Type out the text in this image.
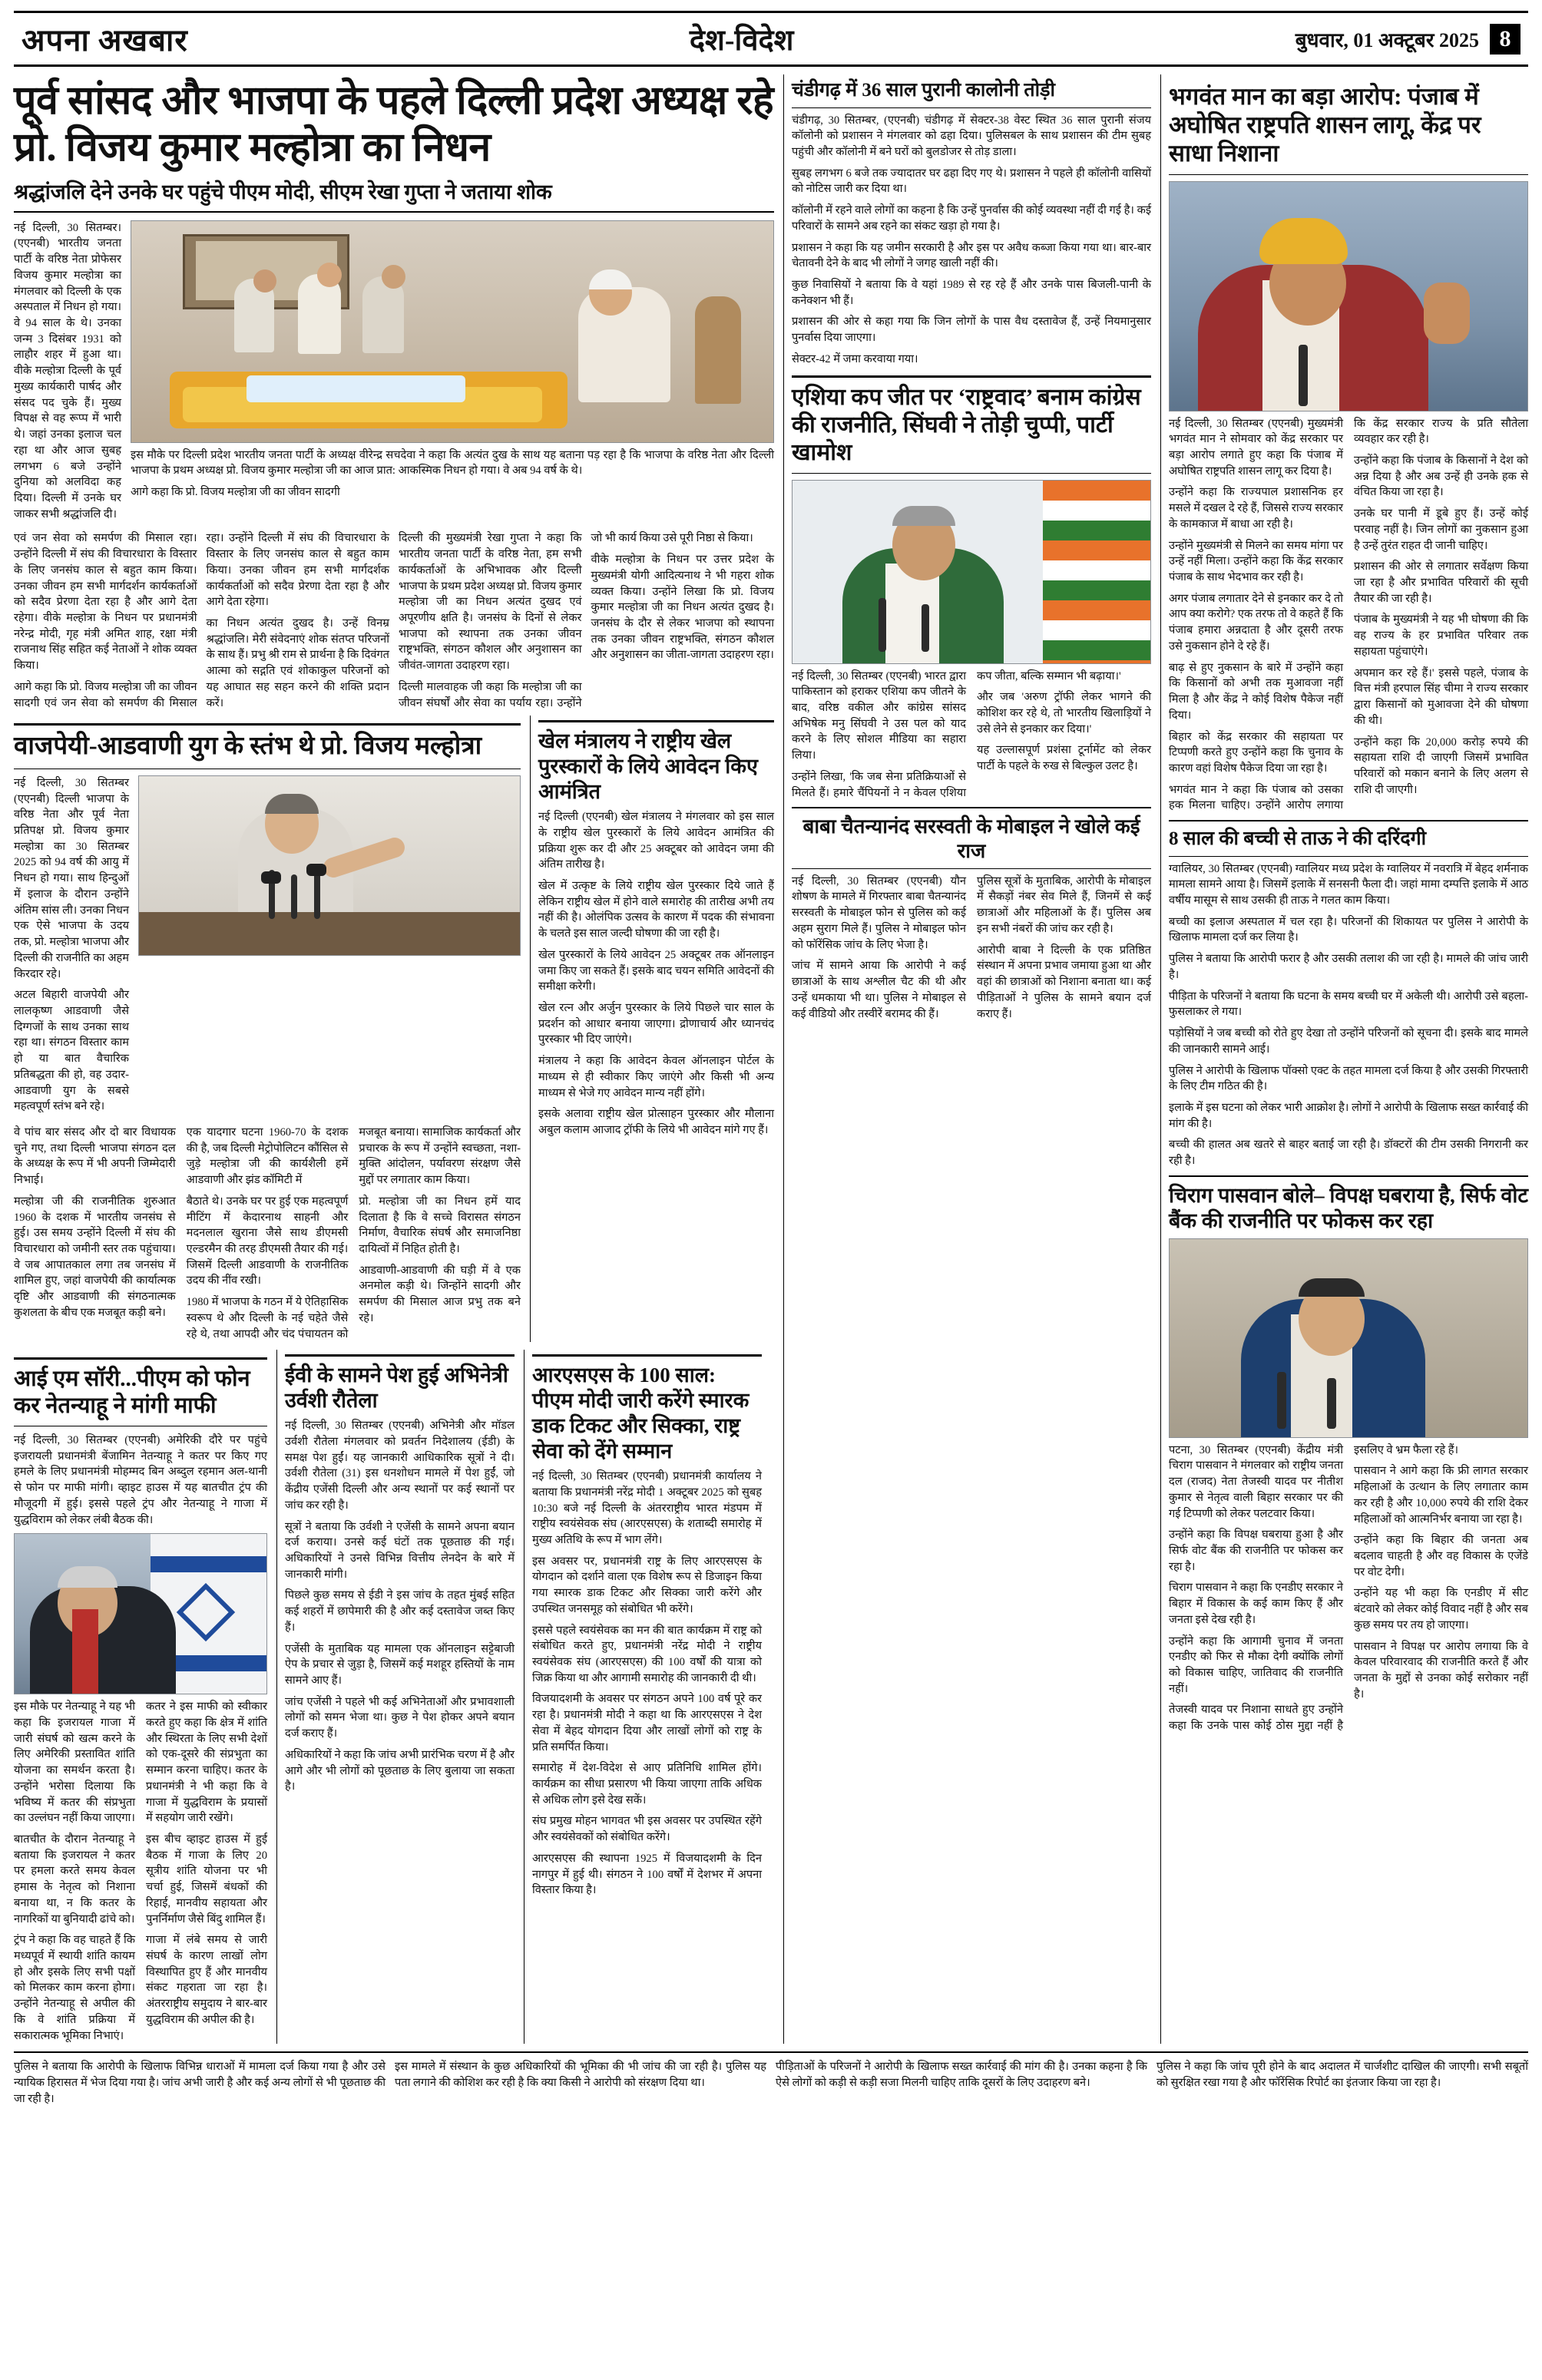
अपना अखबार	देश-विदेश	बुधवार, 01 अक्टूबर 2025 8
पूर्व सांसद और भाजपा के पहले दिल्ली प्रदेश अध्यक्ष रहे प्रो. विजय कुमार मल्होत्रा का निधन
श्रद्धांजलि देने उनके घर पहुंचे पीएम मोदी, सीएम रेखा गुप्ता ने जताया शोक

नई दिल्ली, 30 सितम्बर। (एएनबी) भारतीय जनता पार्टी के वरिष्ठ नेता प्रोफेसर विजय कुमार मल्होत्रा का मंगलवार को दिल्ली के एक अस्पताल में निधन हो गया। वे 94 साल के थे। उनका जन्म 3 दिसंबर 1931 को लाहौर शहर में हुआ था। वीके मल्होत्रा दिल्ली के पूर्व मुख्य कार्यकारी पार्षद और संसद पद चुके हैं। मुख्य विपक्ष से वह रूप्प में भारी थे। जहां उनका इलाज चल रहा था और आज सुबह लगभग 6 बजे उन्होंने दुनिया को अलविदा कह दिया। दिल्ली में उनके घर जाकर सभी श्रद्धांजलि दी।

इस मौके पर दिल्ली प्रदेश भारतीय जनता पार्टी के अध्यक्ष वीरेन्द्र सचदेवा ने कहा कि अत्यंत दुख के साथ यह बताना पड़ रहा है कि भाजपा के वरिष्ठ नेता और दिल्ली भाजपा के प्रथम अध्यक्ष प्रो. विजय कुमार मल्होत्रा जी का आज प्रात: आकस्मिक निधन हो गया। वे अब 94 वर्ष के थे।

आगे कहा कि प्रो. विजय मल्होत्रा जी का जीवन सादगी

एवं जन सेवा को समर्पण की मिसाल रहा। उन्होंने दिल्ली में संघ की विचारधारा के विस्तार के लिए जनसंघ काल से बहुत काम किया। उनका जीवन हम सभी मार्गदर्शन कार्यकर्ताओं को सदैव प्रेरणा देता रहा है और आगे देता रहेगा। वीके मल्होत्रा के निधन पर प्रधानमंत्री नरेन्द्र मोदी, गृह मंत्री अमित शाह, रक्षा मंत्री राजनाथ सिंह सहित कई नेताओं ने शोक व्यक्त किया।

आगे कहा कि प्रो. विजय मल्होत्रा जी का जीवन सादगी एवं जन सेवा को समर्पण की मिसाल रहा। उन्होंने दिल्ली में संघ की विचारधारा के विस्तार के लिए जनसंघ काल से बहुत काम किया। उनका जीवन हम सभी मार्गदर्शक कार्यकर्ताओं को सदैव प्रेरणा देता रहा है और आगे देता रहेगा।

का निधन अत्यंत दुखद है। उन्हें विनम्र श्रद्धांजलि। मेरी संवेदनाएं शोक संतप्त परिजनों के साथ हैं। प्रभु श्री राम से प्रार्थना है कि दिवंगत आत्मा को सद्गति एवं शोकाकुल परिजनों को यह आघात सह सहन करने की शक्ति प्रदान करें।

दिल्ली की मुख्यमंत्री रेखा गुप्ता ने कहा कि भारतीय जनता पार्टी के वरिष्ठ नेता, हम सभी कार्यकर्ताओं के अभिभावक और दिल्ली भाजपा के प्रथम प्रदेश अध्यक्ष प्रो. विजय कुमार मल्होत्रा जी का निधन अत्यंत दुखद एवं अपूरणीय क्षति है। जनसंघ के दिनों से लेकर भाजपा को स्थापना तक उनका जीवन राष्ट्रभक्ति, संगठन कौशल और अनुशासन का जीवंत-जागता उदाहरण रहा।

दिल्ली मालवाहक जी कहा कि मल्होत्रा जी का जीवन संघर्षों और सेवा का पर्याय रहा। उन्होंने जो भी कार्य किया उसे पूरी निष्ठा से किया।

वीके मल्होत्रा के निधन पर उत्तर प्रदेश के मुख्यमंत्री योगी आदित्यनाथ ने भी गहरा शोक व्यक्त किया। उन्होंने लिखा कि प्रो. विजय कुमार मल्होत्रा जी का निधन अत्यंत दुखद है। जनसंघ के दौर से लेकर भाजपा को स्थापना तक उनका जीवन राष्ट्रभक्ति, संगठन कौशल और अनुशासन का जीता-जागता उदाहरण रहा।

वाजपेयी-आडवाणी युग के स्तंभ थे प्रो. विजय मल्होत्रा

नई दिल्ली, 30 सितम्बर (एएनबी) दिल्ली भाजपा के वरिष्ठ नेता और पूर्व नेता प्रतिपक्ष प्रो. विजय कुमार मल्होत्रा का 30 सितम्बर 2025 को 94 वर्ष की आयु में निधन हो गया। साथ हिन्दुओं में इलाज के दौरान उन्होंने अंतिम सांस ली। उनका निधन एक ऐसे भाजपा के उदय तक, प्रो. मल्होत्रा भाजपा और दिल्ली की राजनीति का अहम किरदार रहे।

अटल बिहारी वाजपेयी और लालकृष्ण आडवाणी जैसे दिग्गजों के साथ उनका साथ रहा था। संगठन विस्तार काम हो या बात वैचारिक प्रतिबद्धता की हो, वह उदार-आडवाणी युग के सबसे महत्वपूर्ण स्तंभ बने रहे।

वे पांच बार संसद और दो बार विधायक चुने गए, तथा दिल्ली भाजपा संगठन दल के अध्यक्ष के रूप में भी अपनी जिम्मेदारी निभाई।

मल्होत्रा जी की राजनीतिक शुरुआत 1960 के दशक में भारतीय जनसंघ से हुई। उस समय उन्होंने दिल्ली में संघ की विचारधारा को जमीनी स्तर तक पहुंचाया। वे जब आपातकाल लगा तब जनसंघ में शामिल हुए, जहां वाजपेयी की कार्यात्मक दृष्टि और आडवाणी की संगठनात्मक कुशलता के बीच एक मजबूत कड़ी बने।

एक यादगार घटना 1960-70 के दशक की है, जब दिल्ली मेट्रोपोलिटन कौंसिल से जुड़े मल्होत्रा जी की कार्यशैली हमें आडवाणी और झंड कॉमिटी में

बैठाते थे। उनके घर पर हुई एक महत्वपूर्ण मीटिंग में केदारनाथ साहनी और मदनलाल खुराना जैसे साथ डीएमसी एल्डरमैन की तरह डीएमसी तैयार की गई। जिसमें दिल्ली आडवाणी के राजनीतिक उदय की नींव रखी।

1980 में भाजपा के गठन में ये ऐतिहासिक स्वरूप थे और दिल्ली के नई चहेते जैसे रहे थे, तथा आपदी और चंद पंचायतन को मजबूत बनाया। सामाजिक कार्यकर्ता और प्रचारक के रूप में उन्होंने स्वच्छता, नशा-मुक्ति आंदोलन, पर्यावरण संरक्षण जैसे मुद्दों पर लगातार काम किया।

प्रो. मल्होत्रा जी का निधन हमें याद दिलाता है कि वे सच्चे विरासत संगठन निर्माण, वैचारिक संघर्ष और समाजनिष्ठा दायित्वों में निहित होती है।

आडवाणी-आडवाणी की घड़ी में वे एक अनमोल कड़ी थे। जिन्होंने सादगी और समर्पण की मिसाल आज प्रभु तक बने रहे।

खेल मंत्रालय ने राष्ट्रीय खेल पुरस्कारों के लिये आवेदन किए आमंत्रित

नई दिल्ली (एएनबी) खेल मंत्रालय ने मंगलवार को इस साल के राष्ट्रीय खेल पुरस्कारों के लिये आवेदन आमंत्रित की प्रक्रिया शुरू कर दी और 25 अक्टूबर को आवेदन जमा की अंतिम तारीख है।

खेल में उत्कृष्ट के लिये राष्ट्रीय खेल पुरस्कार दिये जाते हैं लेकिन राष्ट्रीय खेल में होने वाले समारोह की तारीख अभी तय नहीं की है। ओलंपिक उत्सव के कारण में पदक की संभावना के चलते इस साल जल्दी घोषणा की जा रही है।

खेल पुरस्कारों के लिये आवेदन 25 अक्टूबर तक ऑनलाइन जमा किए जा सकते हैं। इसके बाद चयन समिति आवेदनों की समीक्षा करेगी।

खेल रत्न और अर्जुन पुरस्कार के लिये पिछले चार साल के प्रदर्शन को आधार बनाया जाएगा। द्रोणाचार्य और ध्यानचंद पुरस्कार भी दिए जाएंगे।

मंत्रालय ने कहा कि आवेदन केवल ऑनलाइन पोर्टल के माध्यम से ही स्वीकार किए जाएंगे और किसी भी अन्य माध्यम से भेजे गए आवेदन मान्य नहीं होंगे।

इसके अलावा राष्ट्रीय खेल प्रोत्साहन पुरस्कार और मौलाना अबुल कलाम आजाद ट्रॉफी के लिये भी आवेदन मांगे गए हैं।

आई एम सॉरी...पीएम को फोन कर नेतन्याहू ने मांगी माफी

नई दिल्ली, 30 सितम्बर (एएनबी) अमेरिकी दौरे पर पहुंचे इजरायली प्रधानमंत्री बेंजामिन नेतन्याहू ने कतर पर किए गए हमले के लिए प्रधानमंत्री मोहम्मद बिन अब्दुल रहमान अल-थानी से फोन पर माफी मांगी। व्हाइट हाउस में यह बातचीत ट्रंप की मौजूदगी में हुई। इससे पहले ट्रंप और नेतन्याहू ने गाजा में युद्धविराम को लेकर लंबी बैठक की।

इस मौके पर नेतन्याहू ने यह भी कहा कि इजरायल गाजा में जारी संघर्ष को खत्म करने के लिए अमेरिकी प्रस्तावित शांति योजना का समर्थन करता है। उन्होंने भरोसा दिलाया कि भविष्य में कतर की संप्रभुता का उल्लंघन नहीं किया जाएगा।

बातचीत के दौरान नेतन्याहू ने बताया कि इजरायल ने कतर पर हमला करते समय केवल हमास के नेतृत्व को निशाना बनाया था, न कि कतर के नागरिकों या बुनियादी ढांचे को।

ट्रंप ने कहा कि वह चाहते हैं कि मध्यपूर्व में स्थायी शांति कायम हो और इसके लिए सभी पक्षों को मिलकर काम करना होगा। उन्होंने नेतन्याहू से अपील की कि वे शांति प्रक्रिया में सकारात्मक भूमिका निभाएं।

कतर ने इस माफी को स्वीकार करते हुए कहा कि क्षेत्र में शांति और स्थिरता के लिए सभी देशों को एक-दूसरे की संप्रभुता का सम्मान करना चाहिए। कतर के प्रधानमंत्री ने भी कहा कि वे गाजा में युद्धविराम के प्रयासों में सहयोग जारी रखेंगे।

इस बीच व्हाइट हाउस में हुई बैठक में गाजा के लिए 20 सूत्रीय शांति योजना पर भी चर्चा हुई, जिसमें बंधकों की रिहाई, मानवीय सहायता और पुनर्निर्माण जैसे बिंदु शामिल हैं।

गाजा में लंबे समय से जारी संघर्ष के कारण लाखों लोग विस्थापित हुए हैं और मानवीय संकट गहराता जा रहा है। अंतरराष्ट्रीय समुदाय ने बार-बार युद्धविराम की अपील की है।

ईवी के सामने पेश हुई अभिनेत्री उर्वशी रौतेला

नई दिल्ली, 30 सितम्बर (एएनबी) अभिनेत्री और मॉडल उर्वशी रौतेला मंगलवार को प्रवर्तन निदेशालय (ईडी) के समक्ष पेश हुईं। यह जानकारी आधिकारिक सूत्रों ने दी। उर्वशी रौतेला (31) इस धनशोधन मामले में पेश हुईं, जो केंद्रीय एजेंसी दिल्ली और अन्य स्थानों पर कई स्थानों पर जांच कर रही है।

सूत्रों ने बताया कि उर्वशी ने एजेंसी के सामने अपना बयान दर्ज कराया। उनसे कई घंटों तक पूछताछ की गई। अधिकारियों ने उनसे विभिन्न वित्तीय लेनदेन के बारे में जानकारी मांगी।

पिछले कुछ समय से ईडी ने इस जांच के तहत मुंबई सहित कई शहरों में छापेमारी की है और कई दस्तावेज जब्त किए हैं।

एजेंसी के मुताबिक यह मामला एक ऑनलाइन सट्टेबाजी ऐप के प्रचार से जुड़ा है, जिसमें कई मशहूर हस्तियों के नाम सामने आए हैं।

जांच एजेंसी ने पहले भी कई अभिनेताओं और प्रभावशाली लोगों को समन भेजा था। कुछ ने पेश होकर अपने बयान दर्ज कराए हैं।

अधिकारियों ने कहा कि जांच अभी प्रारंभिक चरण में है और आगे और भी लोगों को पूछताछ के लिए बुलाया जा सकता है।

आरएसएस के 100 साल: पीएम मोदी जारी करेंगे स्मारक डाक टिकट और सिक्का, राष्ट्र सेवा को देंगे सम्मान

नई दिल्ली, 30 सितम्बर (एएनबी) प्रधानमंत्री कार्यालय ने बताया कि प्रधानमंत्री नरेंद्र मोदी 1 अक्टूबर 2025 को सुबह 10:30 बजे नई दिल्ली के अंतरराष्ट्रीय भारत मंडपम में राष्ट्रीय स्वयंसेवक संघ (आरएसएस) के शताब्दी समारोह में मुख्य अतिथि के रूप में भाग लेंगे।

इस अवसर पर, प्रधानमंत्री राष्ट्र के लिए आरएसएस के योगदान को दर्शाने वाला एक विशेष रूप से डिजाइन किया गया स्मारक डाक टिकट और सिक्का जारी करेंगे और उपस्थित जनसमूह को संबोधित भी करेंगे।

इससे पहले स्वयंसेवक का मन की बात कार्यक्रम में राष्ट्र को संबोधित करते हुए, प्रधानमंत्री नरेंद्र मोदी ने राष्ट्रीय स्वयंसेवक संघ (आरएसएस) की 100 वर्षों की यात्रा को जिक्र किया था और आगामी समारोह की जानकारी दी थी।

विजयादशमी के अवसर पर संगठन अपने 100 वर्ष पूरे कर रहा है। प्रधानमंत्री मोदी ने कहा था कि आरएसएस ने देश सेवा में बेहद योगदान दिया और लाखों लोगों को राष्ट्र के प्रति समर्पित किया।

समारोह में देश-विदेश से आए प्रतिनिधि शामिल होंगे। कार्यक्रम का सीधा प्रसारण भी किया जाएगा ताकि अधिक से अधिक लोग इसे देख सकें।

संघ प्रमुख मोहन भागवत भी इस अवसर पर उपस्थित रहेंगे और स्वयंसेवकों को संबोधित करेंगे।

आरएसएस की स्थापना 1925 में विजयादशमी के दिन नागपुर में हुई थी। संगठन ने 100 वर्षों में देशभर में अपना विस्तार किया है।

चंडीगढ़ में 36 साल पुरानी कालोनी तोड़ी

चंडीगढ़, 30 सितम्बर, (एएनबी) चंडीगढ़ में सेक्टर-38 वेस्ट स्थित 36 साल पुरानी संजय कॉलोनी को प्रशासन ने मंगलवार को ढहा दिया। पुलिसबल के साथ प्रशासन की टीम सुबह पहुंची और कॉलोनी में बने घरों को बुलडोजर से तोड़ डाला।

सुबह लगभग 6 बजे तक ज्यादातर घर ढहा दिए गए थे। प्रशासन ने पहले ही कॉलोनी वासियों को नोटिस जारी कर दिया था।

कॉलोनी में रहने वाले लोगों का कहना है कि उन्हें पुनर्वास की कोई व्यवस्था नहीं दी गई है। कई परिवारों के सामने अब रहने का संकट खड़ा हो गया है।

प्रशासन ने कहा कि यह जमीन सरकारी है और इस पर अवैध कब्जा किया गया था। बार-बार चेतावनी देने के बाद भी लोगों ने जगह खाली नहीं की।

कुछ निवासियों ने बताया कि वे यहां 1989 से रह रहे हैं और उनके पास बिजली-पानी के कनेक्शन भी हैं।

प्रशासन की ओर से कहा गया कि जिन लोगों के पास वैध दस्तावेज हैं, उन्हें नियमानुसार पुनर्वास दिया जाएगा।

सेक्टर-42 में जमा करवाया गया।

एशिया कप जीत पर ‘राष्ट्रवाद’ बनाम कांग्रेस की राजनीति, सिंघवी ने तोड़ी चुप्पी, पार्टी खामोश

नई दिल्ली, 30 सितम्बर (एएनबी) भारत द्वारा पाकिस्तान को हराकर एशिया कप जीतने के बाद, वरिष्ठ वकील और कांग्रेस सांसद अभिषेक मनु सिंघवी ने उस पल को याद करने के लिए सोशल मीडिया का सहारा लिया।

उन्होंने लिखा, 'कि जब सेना प्रतिक्रियाओं से मिलते हैं। हमारे चैंपियनों ने न केवल एशिया कप जीता, बल्कि सम्मान भी बढ़ाया।'

और जब 'अरुण ट्रॉफी लेकर भागने की कोशिश कर रहे थे, तो भारतीय खिलाड़ियों ने उसे लेने से इनकार कर दिया।'

यह उल्लासपूर्ण प्रशंसा टूर्नामेंट को लेकर पार्टी के पहले के रुख से बिल्कुल उलट है।

बाबा चैतन्यानंद सरस्वती के मोबाइल ने खोले कई राज

नई दिल्ली, 30 सितम्बर (एएनबी) यौन शोषण के मामले में गिरफ्तार बाबा चैतन्यानंद सरस्वती के मोबाइल फोन से पुलिस को कई अहम सुराग मिले हैं। पुलिस ने मोबाइल फोन को फॉरेंसिक जांच के लिए भेजा है।

जांच में सामने आया कि आरोपी ने कई छात्राओं के साथ अश्लील चैट की थी और उन्हें धमकाया भी था। पुलिस ने मोबाइल से कई वीडियो और तस्वीरें बरामद की हैं।

पुलिस सूत्रों के मुताबिक, आरोपी के मोबाइल में सैकड़ों नंबर सेव मिले हैं, जिनमें से कई छात्राओं और महिलाओं के हैं। पुलिस अब इन सभी नंबरों की जांच कर रही है।

आरोपी बाबा ने दिल्ली के एक प्रतिष्ठित संस्थान में अपना प्रभाव जमाया हुआ था और वहां की छात्राओं को निशाना बनाता था। कई पीड़िताओं ने पुलिस के सामने बयान दर्ज कराए हैं।

भगवंत मान का बड़ा आरोप: पंजाब में अघोषित राष्ट्रपति शासन लागू, केंद्र पर साधा निशाना

नई दिल्ली, 30 सितम्बर (एएनबी) मुख्यमंत्री भगवंत मान ने सोमवार को केंद्र सरकार पर बड़ा आरोप लगाते हुए कहा कि पंजाब में अघोषित राष्ट्रपति शासन लागू कर दिया है।

उन्होंने कहा कि राज्यपाल प्रशासनिक हर मसले में दखल दे रहे हैं, जिससे राज्य सरकार के कामकाज में बाधा आ रही है।

उन्होंने मुख्यमंत्री से मिलने का समय मांगा पर उन्हें नहीं मिला। उन्होंने कहा कि केंद्र सरकार पंजाब के साथ भेदभाव कर रही है।

अगर पंजाब लगातार देने से इनकार कर दे तो आप क्या करोगे? एक तरफ तो वे कहते हैं कि पंजाब हमारा अन्नदाता है और दूसरी तरफ उसे नुकसान होने दे रहे हैं।

बाढ़ से हुए नुकसान के बारे में उन्होंने कहा कि किसानों को अभी तक मुआवजा नहीं मिला है और केंद्र ने कोई विशेष पैकेज नहीं दिया।

बिहार को केंद्र सरकार की सहायता पर टिप्पणी करते हुए उन्होंने कहा कि चुनाव के कारण वहां विशेष पैकेज दिया जा रहा है।

भगवंत मान ने कहा कि पंजाब को उसका हक मिलना चाहिए। उन्होंने आरोप लगाया कि केंद्र सरकार राज्य के प्रति सौतेला व्यवहार कर रही है।

उन्होंने कहा कि पंजाब के किसानों ने देश को अन्न दिया है और अब उन्हें ही उनके हक से वंचित किया जा रहा है।

उनके घर पानी में डूबे हुए हैं। उन्हें कोई परवाह नहीं है। जिन लोगों का नुकसान हुआ है उन्हें तुरंत राहत दी जानी चाहिए।

प्रशासन की ओर से लगातार सर्वेक्षण किया जा रहा है और प्रभावित परिवारों की सूची तैयार की जा रही है।

पंजाब के मुख्यमंत्री ने यह भी घोषणा की कि वह राज्य के हर प्रभावित परिवार तक सहायता पहुंचाएंगे।

अपमान कर रहे हैं।' इससे पहले, पंजाब के वित्त मंत्री हरपाल सिंह चीमा ने राज्य सरकार द्वारा किसानों को मुआवजा देने की घोषणा की थी।

उन्होंने कहा कि 20,000 करोड़ रुपये की सहायता राशि दी जाएगी जिसमें प्रभावित परिवारों को मकान बनाने के लिए अलग से राशि दी जाएगी।

8 साल की बच्ची से ताऊ ने की दरिंदगी

ग्वालियर, 30 सितम्बर (एएनबी) ग्वालियर मध्य प्रदेश के ग्वालियर में नवरात्रि में बेहद शर्मनाक मामला सामने आया है। जिसमें इलाके में सनसनी फैला दी। जहां मामा दम्पत्ति इलाके में आठ वर्षीय मासूम से साथ उसकी ही ताऊ ने गलत काम किया।

बच्ची का इलाज अस्पताल में चल रहा है। परिजनों की शिकायत पर पुलिस ने आरोपी के खिलाफ मामला दर्ज कर लिया है।

पुलिस ने बताया कि आरोपी फरार है और उसकी तलाश की जा रही है। मामले की जांच जारी है।

पीड़िता के परिजनों ने बताया कि घटना के समय बच्ची घर में अकेली थी। आरोपी उसे बहला-फुसलाकर ले गया।

पड़ोसियों ने जब बच्ची को रोते हुए देखा तो उन्होंने परिजनों को सूचना दी। इसके बाद मामले की जानकारी सामने आई।

पुलिस ने आरोपी के खिलाफ पॉक्सो एक्ट के तहत मामला दर्ज किया है और उसकी गिरफ्तारी के लिए टीम गठित की है।

इलाके में इस घटना को लेकर भारी आक्रोश है। लोगों ने आरोपी के खिलाफ सख्त कार्रवाई की मांग की है।

बच्ची की हालत अब खतरे से बाहर बताई जा रही है। डॉक्टरों की टीम उसकी निगरानी कर रही है।

चिराग पासवान बोले– विपक्ष घबराया है, सिर्फ वोट बैंक की राजनीति पर फोकस कर रहा

पटना, 30 सितम्बर (एएनबी) केंद्रीय मंत्री चिराग पासवान ने मंगलवार को राष्ट्रीय जनता दल (राजद) नेता तेजस्वी यादव पर नीतीश कुमार से नेतृत्व वाली बिहार सरकार पर की गई टिप्पणी को लेकर पलटवार किया।

उन्होंने कहा कि विपक्ष घबराया हुआ है और सिर्फ वोट बैंक की राजनीति पर फोकस कर रहा है।

चिराग पासवान ने कहा कि एनडीए सरकार ने बिहार में विकास के कई काम किए हैं और जनता इसे देख रही है।

उन्होंने कहा कि आगामी चुनाव में जनता एनडीए को फिर से मौका देगी क्योंकि लोगों को विकास चाहिए, जातिवाद की राजनीति नहीं।

तेजस्वी यादव पर निशाना साधते हुए उन्होंने कहा कि उनके पास कोई ठोस मुद्दा नहीं है इसलिए वे भ्रम फैला रहे हैं।

पासवान ने आगे कहा कि फ्री लागत सरकार महिलाओं के उत्थान के लिए लगातार काम कर रही है और 10,000 रुपये की राशि देकर महिलाओं को आत्मनिर्भर बनाया जा रहा है।

उन्होंने कहा कि बिहार की जनता अब बदलाव चाहती है और वह विकास के एजेंडे पर वोट देगी।

उन्होंने यह भी कहा कि एनडीए में सीट बंटवारे को लेकर कोई विवाद नहीं है और सब कुछ समय पर तय हो जाएगा।

पासवान ने विपक्ष पर आरोप लगाया कि वे केवल परिवारवाद की राजनीति करते हैं और जनता के मुद्दों से उनका कोई सरोकार नहीं है।

पुलिस ने बताया कि आरोपी के खिलाफ विभिन्न धाराओं में मामला दर्ज किया गया है और उसे न्यायिक हिरासत में भेज दिया गया है। जांच अभी जारी है और कई अन्य लोगों से भी पूछताछ की जा रही है।

इस मामले में संस्थान के कुछ अधिकारियों की भूमिका की भी जांच की जा रही है। पुलिस यह पता लगाने की कोशिश कर रही है कि क्या किसी ने आरोपी को संरक्षण दिया था।

पीड़िताओं के परिजनों ने आरोपी के खिलाफ सख्त कार्रवाई की मांग की है। उनका कहना है कि ऐसे लोगों को कड़ी से कड़ी सजा मिलनी चाहिए ताकि दूसरों के लिए उदाहरण बने।

पुलिस ने कहा कि जांच पूरी होने के बाद अदालत में चार्जशीट दाखिल की जाएगी। सभी सबूतों को सुरक्षित रखा गया है और फॉरेंसिक रिपोर्ट का इंतजार किया जा रहा है।
